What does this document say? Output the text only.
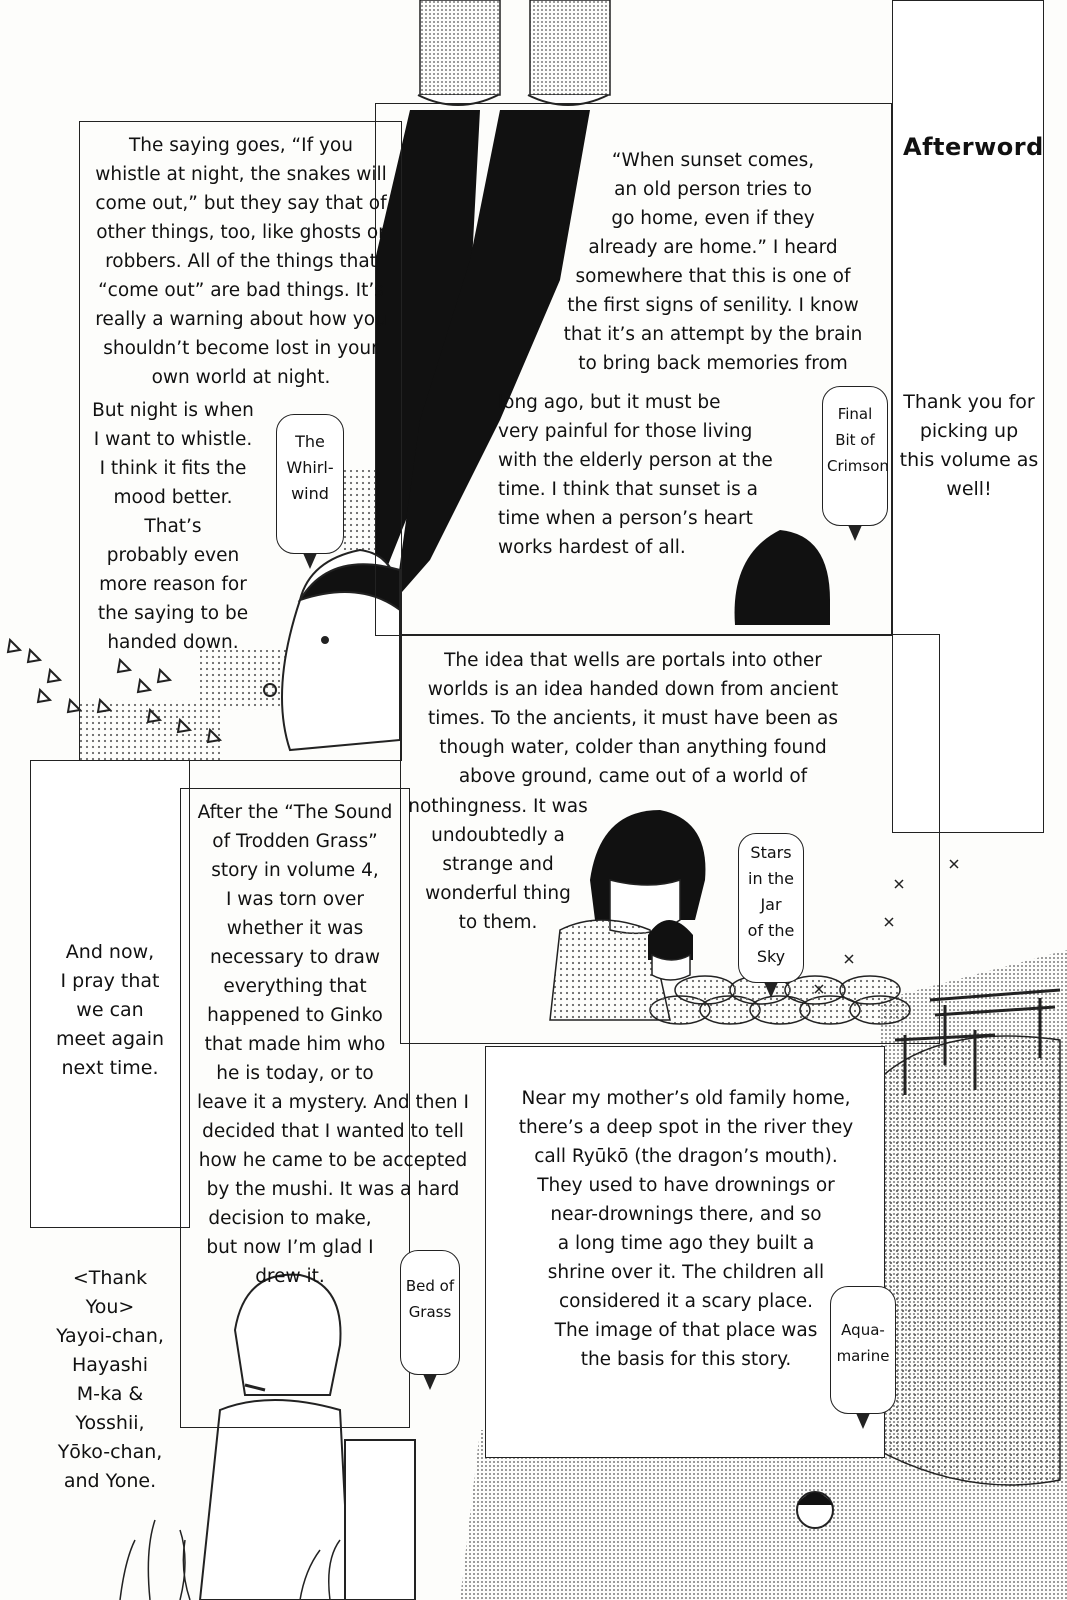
Afterword

Thank you for
picking up
this volume as
well!

The saying goes, “If you
whistle at night, the snakes will
come out,” but they say that of
other things, too, like ghosts or
robbers. All of the things that
“come out” are bad things. It’s
really a warning about how you
shouldn’t become lost in your
own world at night.

But night is when
I want to whistle.
I think it fits the
mood better. That’s
probably even
more reason for
the saying to be
handed down.

The
Whirl-
wind

“When sunset comes,
an old person tries to
go home, even if they
already are home.” I heard
somewhere that this is one of
the first signs of senility. I know
that it’s an attempt by the brain
to bring back memories from

long ago, but it must be
very painful for those living
with the elderly person at the
time. I think that sunset is a
time when a person’s heart
works hardest of all.

Final
Bit of
Crimson

The idea that wells are portals into other
worlds is an idea handed down from ancient
times. To the ancients, it must have been as
though water, colder than anything found
above ground, came out of a world of

nothingness. It was
undoubtedly a
strange and
wonderful thing
to them.

Stars
in the
Jar
of the
Sky

And now,
I pray that
we can
meet again
next time.

After the “The Sound
of Trodden Grass”
story in volume 4,
I was torn over
whether it was
necessary to draw
everything that
happened to Ginko
that made him who
he is today, or to

leave it a mystery. And then I
decided that I wanted to tell
how he came to be accepted
by the mushi. It was a hard

decision to make,
but now I’m glad I
drew it.	Bed of
Grass

Near my mother’s old family home,
there’s a deep spot in the river they
call Ryūkō (the dragon’s mouth).
They used to have drownings or
near-drownings there, and so
a long time ago they built a
shrine over it. The children all
considered it a scary place.
The image of that place was
the basis for this story.

Aqua-
marine

<Thank
You>
Yayoi-chan,
Hayashi
M-ka &
Yosshii,
Yōko-chan,
and Yone.
